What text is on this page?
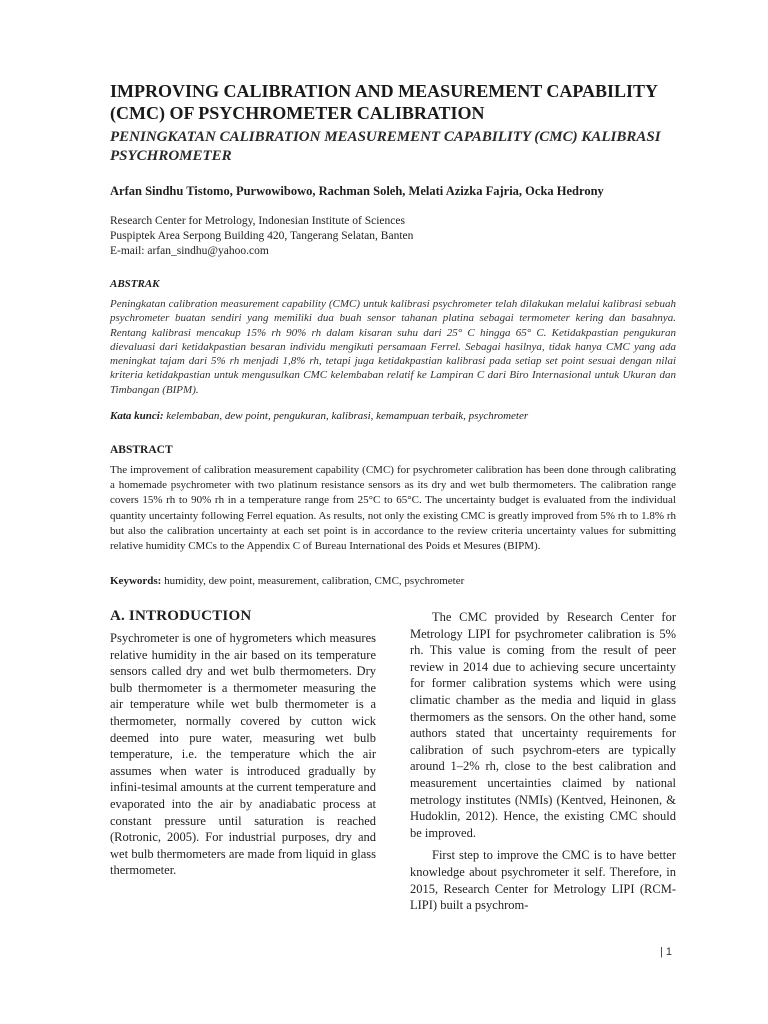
IMPROVING CALIBRATION AND MEASUREMENT CAPABILITY (CMC) OF PSYCHROMETER CALIBRATION
PENINGKATAN CALIBRATION MEASUREMENT CAPABILITY (CMC) KALIBRASI PSYCHROMETER
Arfan Sindhu Tistomo, Purwowibowo, Rachman Soleh, Melati Azizka Fajria, Ocka Hedrony
Research Center for Metrology, Indonesian Institute of Sciences
Puspiptek Area Serpong Building 420, Tangerang Selatan, Banten
E-mail: arfan_sindhu@yahoo.com
ABSTRAK
Peningkatan calibration measurement capability (CMC) untuk kalibrasi psychrometer telah dilakukan melalui kalibrasi sebuah psychrometer buatan sendiri yang memiliki dua buah sensor tahanan platina sebagai termometer kering dan basahnya. Rentang kalibrasi mencakup 15% rh 90% rh dalam kisaran suhu dari 25° C hingga 65° C. Ketidakpastian pengukuran dievaluasi dari ketidakpastian besaran individu mengikuti persamaan Ferrel. Sebagai hasilnya, tidak hanya CMC yang ada meningkat tajam dari 5% rh menjadi 1,8% rh, tetapi juga ketidakpastian kalibrasi pada setiap set point sesuai dengan nilai kriteria ketidakpastian untuk mengusulkan CMC kelembaban relatif ke Lampiran C dari Biro Internasional untuk Ukuran dan Timbangan (BIPM).
Kata kunci: kelembaban, dew point, pengukuran, kalibrasi, kemampuan terbaik, psychrometer
ABSTRACT
The improvement of calibration measurement capability (CMC) for psychrometer calibration has been done through calibrating a homemade psychrometer with two platinum resistance sensors as its dry and wet bulb thermometers. The calibration range covers 15% rh to 90% rh in a temperature range from 25°C to 65°C. The uncertainty budget is evaluated from the individual quantity uncertainty following Ferrel equation. As results, not only the existing CMC is greatly improved from 5% rh to 1.8% rh but also the calibration uncertainty at each set point is in accordance to the review criteria uncertainty values for submitting relative humidity CMCs to the Appendix C of Bureau International des Poids et Mesures (BIPM).
Keywords: humidity, dew point, measurement, calibration, CMC, psychrometer
A. INTRODUCTION

Psychrometer is one of hygrometers which measures relative humidity in the air based on its temperature sensors called dry and wet bulb thermometers. Dry bulb thermometer is a thermometer measuring the air temperature while wet bulb thermometer is a thermometer, normally covered by cutton wick deemed into pure water, measuring wet bulb temperature, i.e. the temperature which the air assumes when water is introduced gradually by infini-tesimal amounts at the current temperature and evaporated into the air by anadiabatic process at constant pressure until saturation is reached (Rotronic, 2005). For industrial purposes, dry and wet bulb thermometers are made from liquid in glass thermometer.

The CMC provided by Research Center for Metrology LIPI for psychrometer calibration is 5% rh. This value is coming from the result of peer review in 2014 due to achieving secure uncertainty for former calibration systems which were using climatic chamber as the media and liquid in glass thermomers as the sensors. On the other hand, some authors stated that uncertainty requirements for calibration of such psychrom-eters are typically around 1–2% rh, close to the best calibration and measurement uncertainties claimed by national metrology institutes (NMIs) (Kentved, Heinonen, & Hudoklin, 2012). Hence, the existing CMC should be improved.

First step to improve the CMC is to have better knowledge about psychrometer it self. Therefore, in 2015, Research Center for Metrology LIPI (RCM-LIPI) built a psychrom-

| 1
